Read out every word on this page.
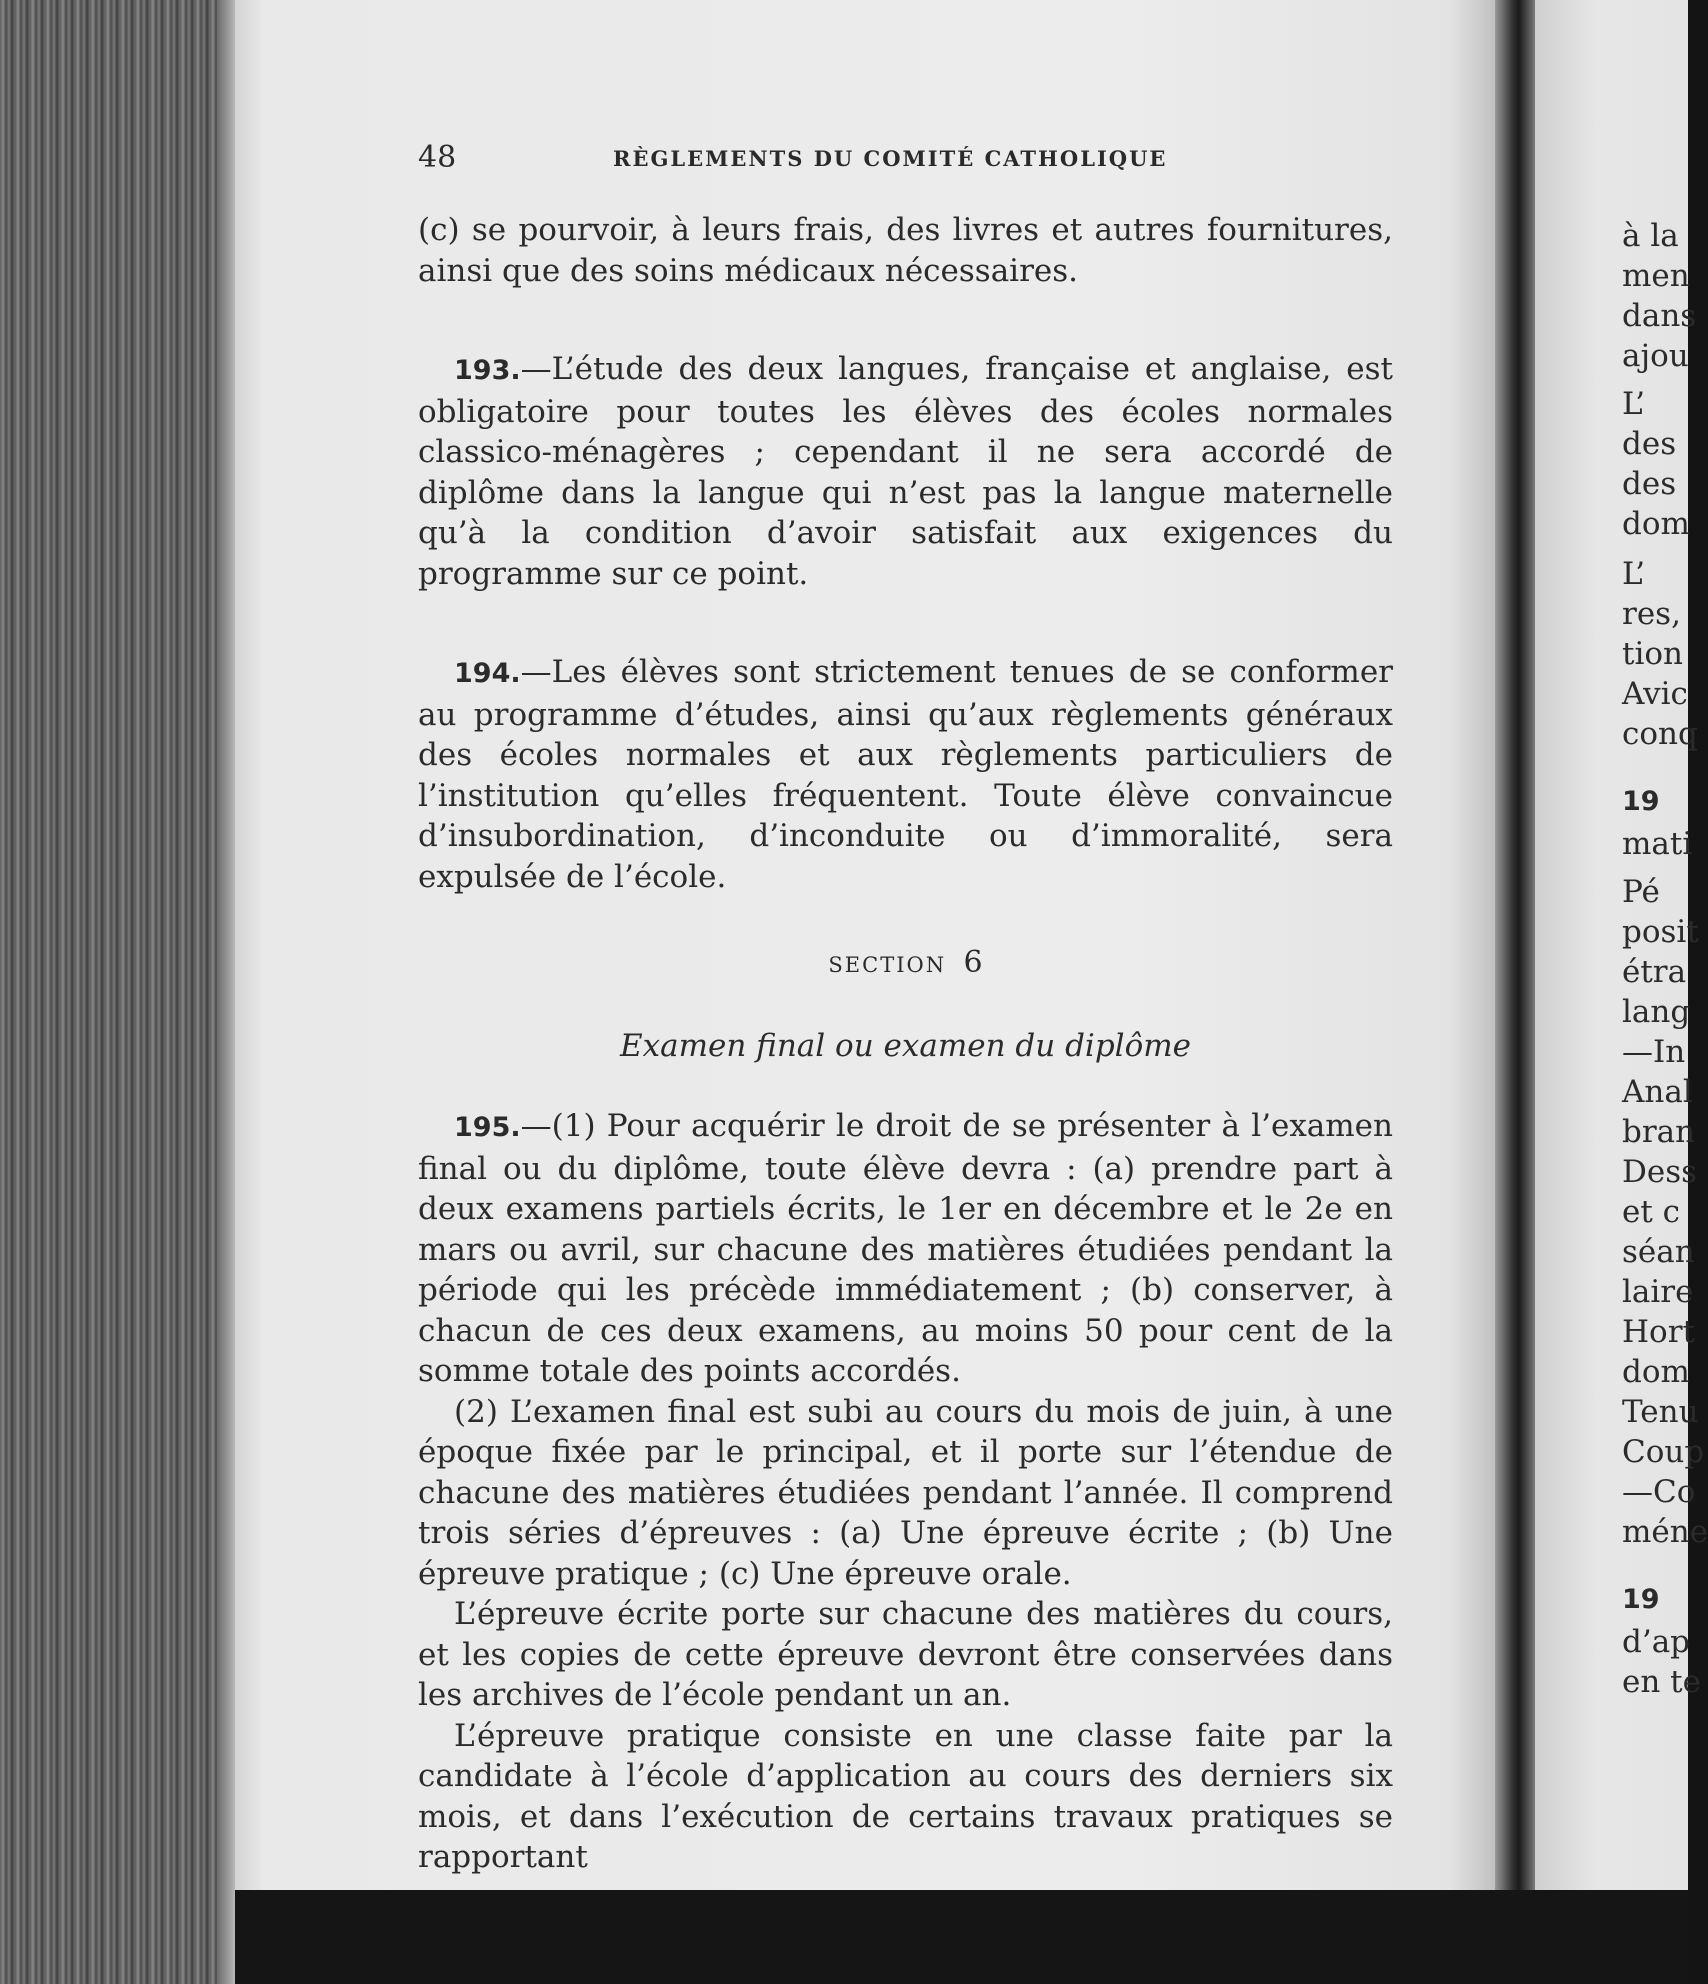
48	RÈGLEMENTS DU COMITÉ CATHOLIQUE

(c) se pourvoir, à leurs frais, des livres et autres fournitures, ainsi que des soins médicaux nécessaires.

193.—L’étude des deux langues, française et anglaise, est obligatoire pour toutes les élèves des écoles normales classico-ménagères ; cependant il ne sera accordé de diplôme dans la langue qui n’est pas la langue maternelle qu’à la condition d’avoir satisfait aux exigences du programme sur ce point.

194.—Les élèves sont strictement tenues de se conformer au programme d’études, ainsi qu’aux règlements généraux des écoles normales et aux règlements particuliers de l’institution qu’elles fréquentent. Toute élève convaincue d’insubordination, d’inconduite ou d’immoralité, sera expulsée de l’école.

SECTION 6

Examen final ou examen du diplôme

195.—(1) Pour acquérir le droit de se présenter à l’examen final ou du diplôme, toute élève devra : (a) prendre part à deux examens partiels écrits, le 1er en décembre et le 2e en mars ou avril, sur chacune des matières étudiées pendant la période qui les précède immédiatement ; (b) conserver, à chacun de ces deux examens, au moins 50 pour cent de la somme totale des points accordés.

(2) L’examen final est subi au cours du mois de juin, à une époque fixée par le principal, et il porte sur l’étendue de chacune des matières étudiées pendant l’année. Il comprend trois séries d’épreuves : (a) Une épreuve écrite ; (b) Une épreuve pratique ; (c) Une épreuve orale.

L’épreuve écrite porte sur chacune des matières du cours, et les copies de cette épreuve devront être conservées dans les archives de l’école pendant un an.

L’épreuve pratique consiste en une classe faite par la candidate à l’école d’application au cours des derniers six mois, et dans l’exécution de certains travaux pratiques se rapportant

à la
men
dans
ajou
L’
des
des
dom
L’
res,
tion
Avic
conq
19
mati
Pé
posit
étra
lang
—In
Anal
bran
Dess
et c
séan
laire
Hort
dom
Tenu
Coup
—Co
méne
19
d’ap
en te
